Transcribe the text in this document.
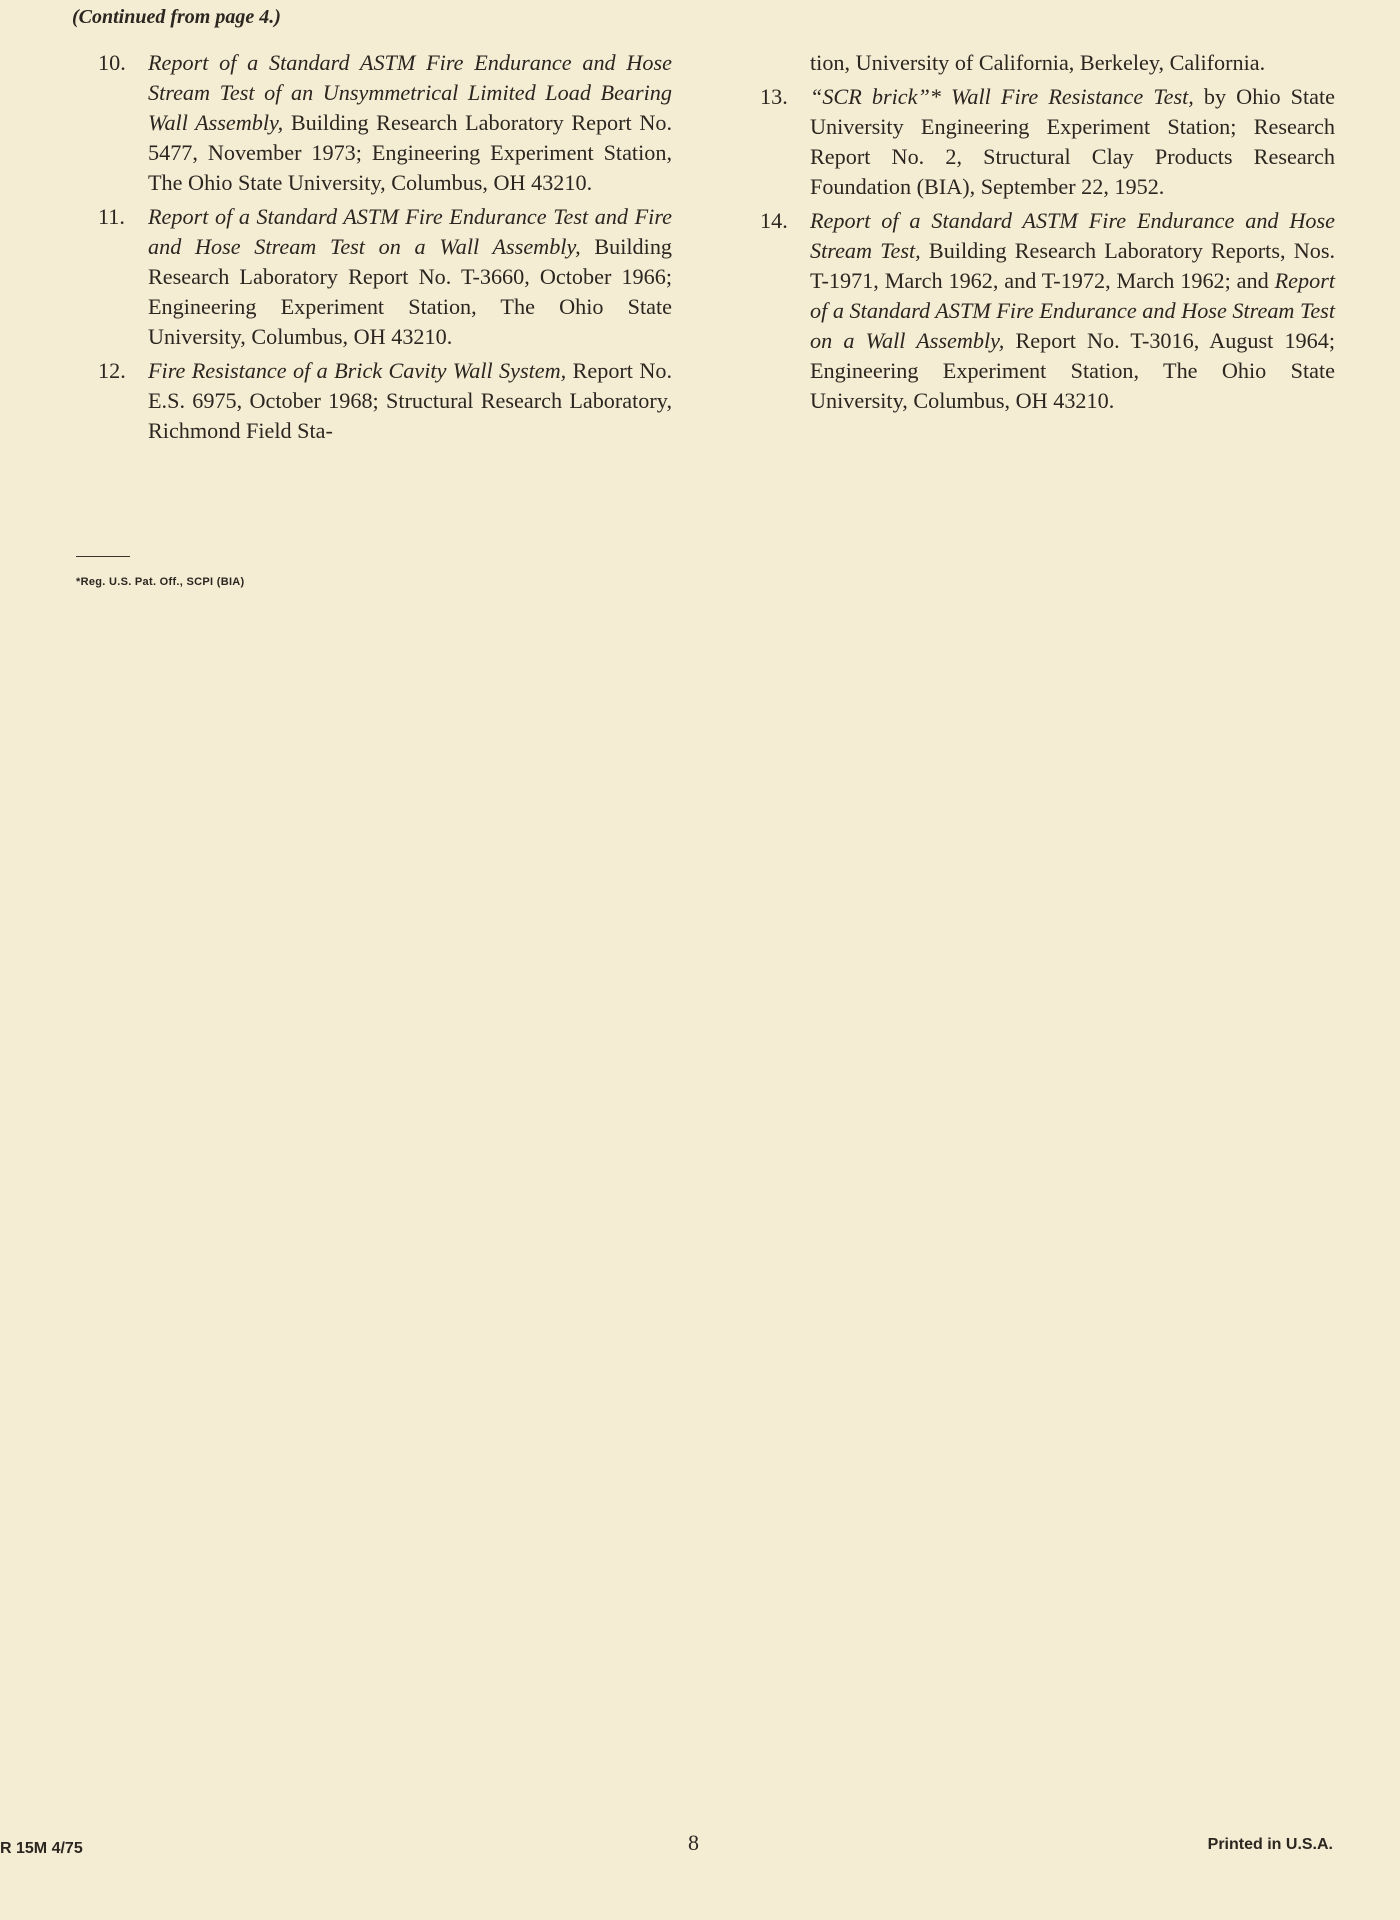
(Continued from page 4.)
10. Report of a Standard ASTM Fire Endurance and Hose Stream Test of an Unsymmetrical Limited Load Bearing Wall Assembly, Building Research Laboratory Report No. 5477, November 1973; Engineering Experiment Station, The Ohio State University, Columbus, OH 43210.

11. Report of a Standard ASTM Fire Endurance Test and Fire and Hose Stream Test on a Wall Assembly, Building Research Laboratory Report No. T-3660, October 1966; Engineering Experiment Station, The Ohio State University, Columbus, OH 43210.

12. Fire Resistance of a Brick Cavity Wall System, Report No. E.S. 6975, October 1968; Structural Research Laboratory, Richmond Field Sta-

tion, University of California, Berkeley, California.

13. “SCR brick”* Wall Fire Resistance Test, by Ohio State University Engineering Experiment Station; Research Report No. 2, Structural Clay Products Research Foundation (BIA), September 22, 1952.

14. Report of a Standard ASTM Fire Endurance and Hose Stream Test, Building Research Laboratory Reports, Nos. T-1971, March 1962, and T-1972, March 1962; and Report of a Standard ASTM Fire Endurance and Hose Stream Test on a Wall Assembly, Report No. T-3016, August 1964; Engineering Experiment Station, The Ohio State University, Columbus, OH 43210.

*Reg. U.S. Pat. Off., SCPI (BIA)
R 15M 4/75	8	Printed in U.S.A.
